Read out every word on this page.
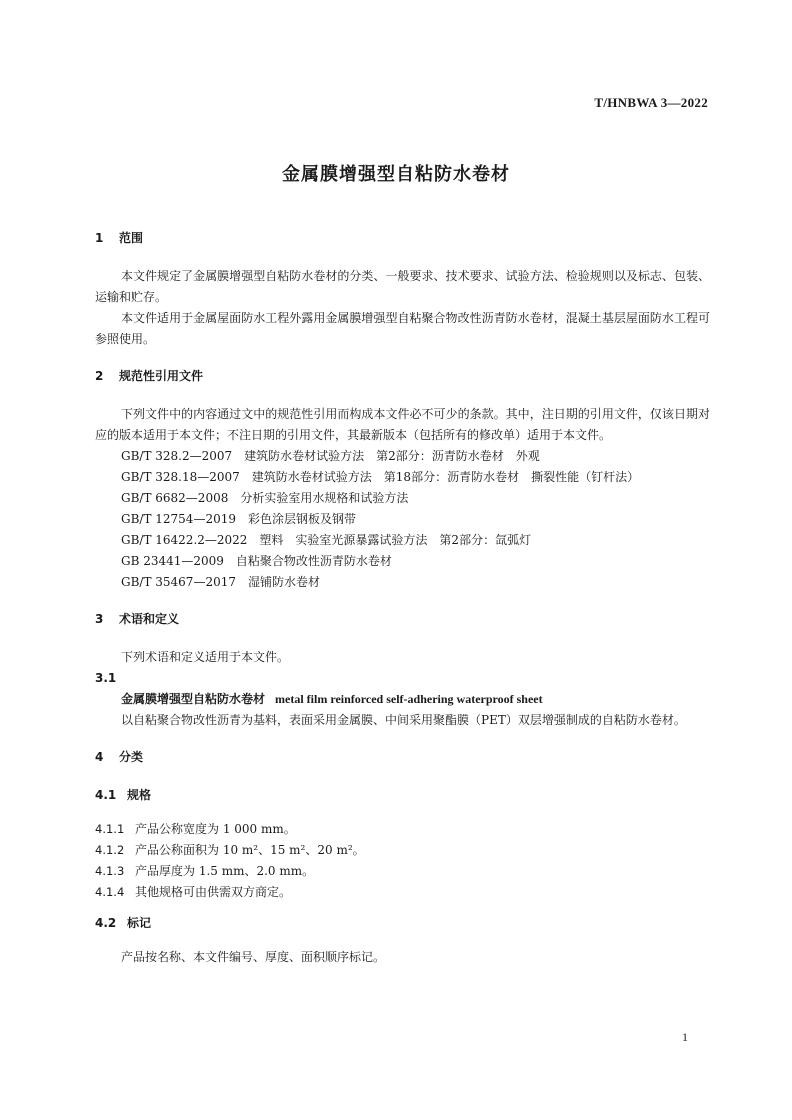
T/HNBWA 3—2022
金属膜增强型自粘防水卷材
1 范围

本文件规定了金属膜增强型自粘防水卷材的分类、一般要求、技术要求、试验方法、检验规则以及标志、包装、运输和贮存。

本文件适用于金属屋面防水工程外露用金属膜增强型自粘聚合物改性沥青防水卷材，混凝土基层屋面防水工程可参照使用。

2 规范性引用文件

下列文件中的内容通过文中的规范性引用而构成本文件必不可少的条款。其中，注日期的引用文件，仅该日期对应的版本适用于本文件；不注日期的引用文件，其最新版本（包括所有的修改单）适用于本文件。

GB/T 328.2—2007　建筑防水卷材试验方法　第2部分：沥青防水卷材　外观
GB/T 328.18—2007　建筑防水卷材试验方法　第18部分：沥青防水卷材　撕裂性能（钉杆法）
GB/T 6682—2008　分析实验室用水规格和试验方法
GB/T 12754—2019　彩色涂层钢板及钢带
GB/T 16422.2—2022　塑料　实验室光源暴露试验方法　第2部分：氙弧灯
GB 23441—2009　自粘聚合物改性沥青防水卷材
GB/T 35467—2017　湿铺防水卷材
3 术语和定义

下列术语和定义适用于本文件。

3.1
金属膜增强型自粘防水卷材 metal film reinforced self-adhering waterproof sheet

以自粘聚合物改性沥青为基料，表面采用金属膜、中间采用聚酯膜（PET）双层增强制成的自粘防水卷材。

4 分类
4.1 规格
4.1.1 产品公称宽度为 1 000 mm。
4.1.2 产品公称面积为 10 m²、15 m²、20 m²。
4.1.3 产品厚度为 1.5 mm、2.0 mm。
4.1.4 其他规格可由供需双方商定。
4.2 标记

产品按名称、本文件编号、厚度、面积顺序标记。

1
